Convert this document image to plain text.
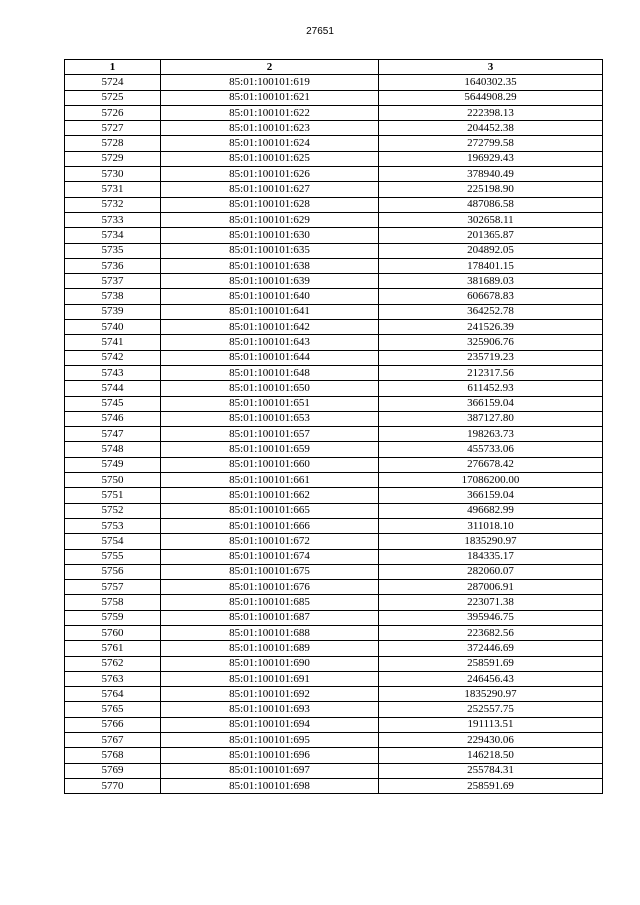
27651
1	2	3
5724	85:01:100101:619	1640302.35
5725	85:01:100101:621	5644908.29
5726	85:01:100101:622	222398.13
5727	85:01:100101:623	204452.38
5728	85:01:100101:624	272799.58
5729	85:01:100101:625	196929.43
5730	85:01:100101:626	378940.49
5731	85:01:100101:627	225198.90
5732	85:01:100101:628	487086.58
5733	85:01:100101:629	302658.11
5734	85:01:100101:630	201365.87
5735	85:01:100101:635	204892.05
5736	85:01:100101:638	178401.15
5737	85:01:100101:639	381689.03
5738	85:01:100101:640	606678.83
5739	85:01:100101:641	364252.78
5740	85:01:100101:642	241526.39
5741	85:01:100101:643	325906.76
5742	85:01:100101:644	235719.23
5743	85:01:100101:648	212317.56
5744	85:01:100101:650	611452.93
5745	85:01:100101:651	366159.04
5746	85:01:100101:653	387127.80
5747	85:01:100101:657	198263.73
5748	85:01:100101:659	455733.06
5749	85:01:100101:660	276678.42
5750	85:01:100101:661	17086200.00
5751	85:01:100101:662	366159.04
5752	85:01:100101:665	496682.99
5753	85:01:100101:666	311018.10
5754	85:01:100101:672	1835290.97
5755	85:01:100101:674	184335.17
5756	85:01:100101:675	282060.07
5757	85:01:100101:676	287006.91
5758	85:01:100101:685	223071.38
5759	85:01:100101:687	395946.75
5760	85:01:100101:688	223682.56
5761	85:01:100101:689	372446.69
5762	85:01:100101:690	258591.69
5763	85:01:100101:691	246456.43
5764	85:01:100101:692	1835290.97
5765	85:01:100101:693	252557.75
5766	85:01:100101:694	191113.51
5767	85:01:100101:695	229430.06
5768	85:01:100101:696	146218.50
5769	85:01:100101:697	255784.31
5770	85:01:100101:698	258591.69
